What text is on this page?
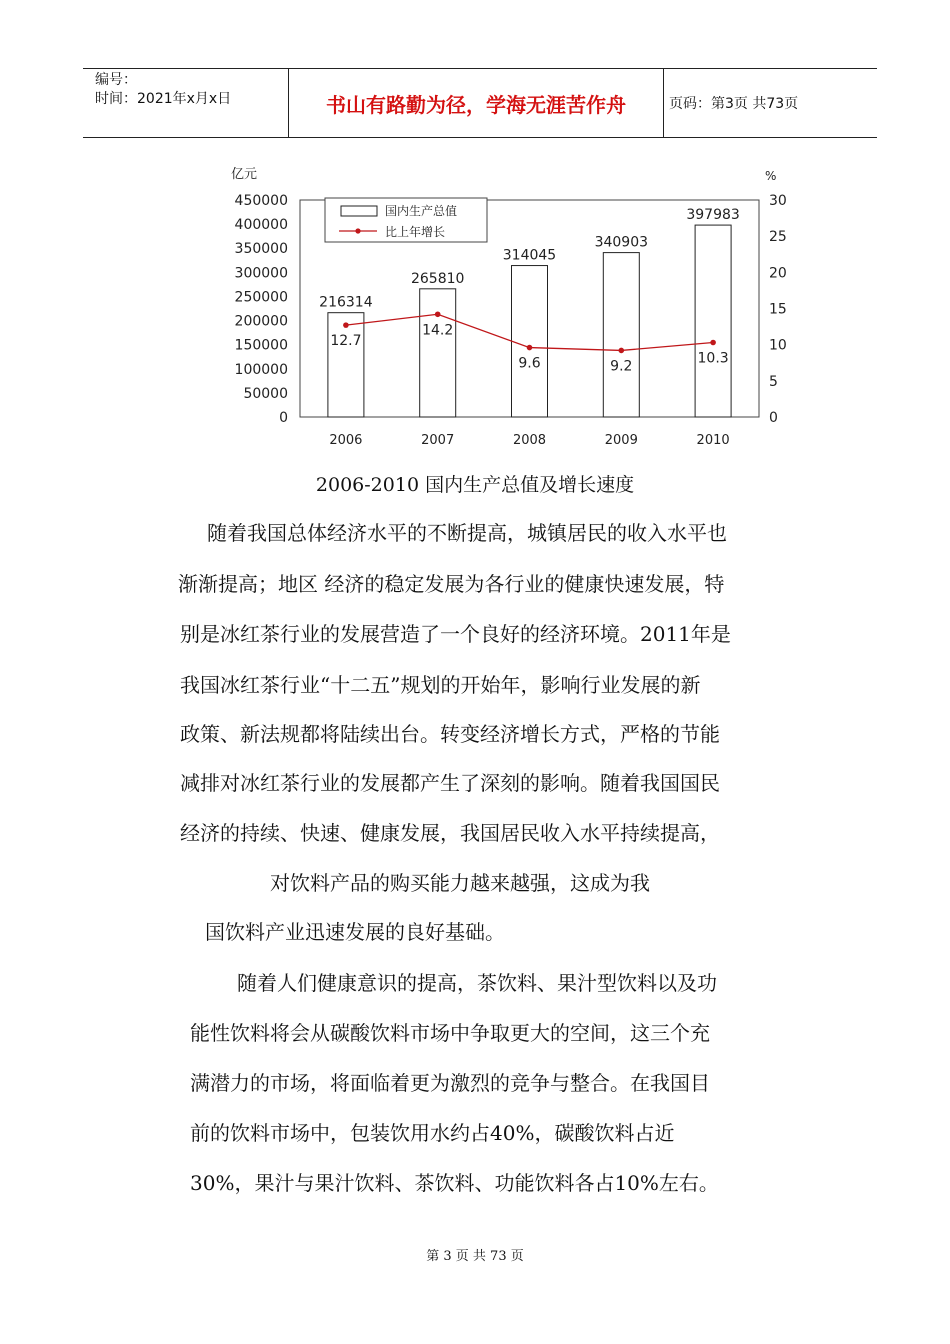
编号：
时间：2021年x月x日	书山有路勤为径，学海无涯苦作舟	页码：第3页 共73页
亿元	%
0
50000
100000
150000
200000
250000
300000
350000
400000
450000
0
5
10
15
20
25
30
216314
265810
314045
340903
397983
12.7
14.2
9.6	9.2	10.3
2006	2007	2008	2009	2010
国内生产总值
比上年增长
2006-2010 国内生产总值及增长速度
随着我国总体经济水平的不断提高，城镇居民的收入水平也
渐渐提高；地区 经济的稳定发展为各行业的健康快速发展，特
别是冰红茶行业的发展营造了一个良好的经济环境。2011年是
我国冰红茶行业“十二五”规划的开始年，影响行业发展的新
政策、新法规都将陆续出台。转变经济增长方式，严格的节能
减排对冰红茶行业的发展都产生了深刻的影响。随着我国国民
经济的持续、快速、健康发展，我国居民收入水平持续提高，
对饮料产品的购买能力越来越强，这成为我
国饮料产业迅速发展的良好基础。
随着人们健康意识的提高，茶饮料、果汁型饮料以及功
能性饮料将会从碳酸饮料市场中争取更大的空间，这三个充
满潜力的市场，将面临着更为激烈的竞争与整合。在我国目
前的饮料市场中，包装饮用水约占40%，碳酸饮料占近
30%，果汁与果汁饮料、茶饮料、功能饮料各占10%左右。
第 3 页 共 73 页
